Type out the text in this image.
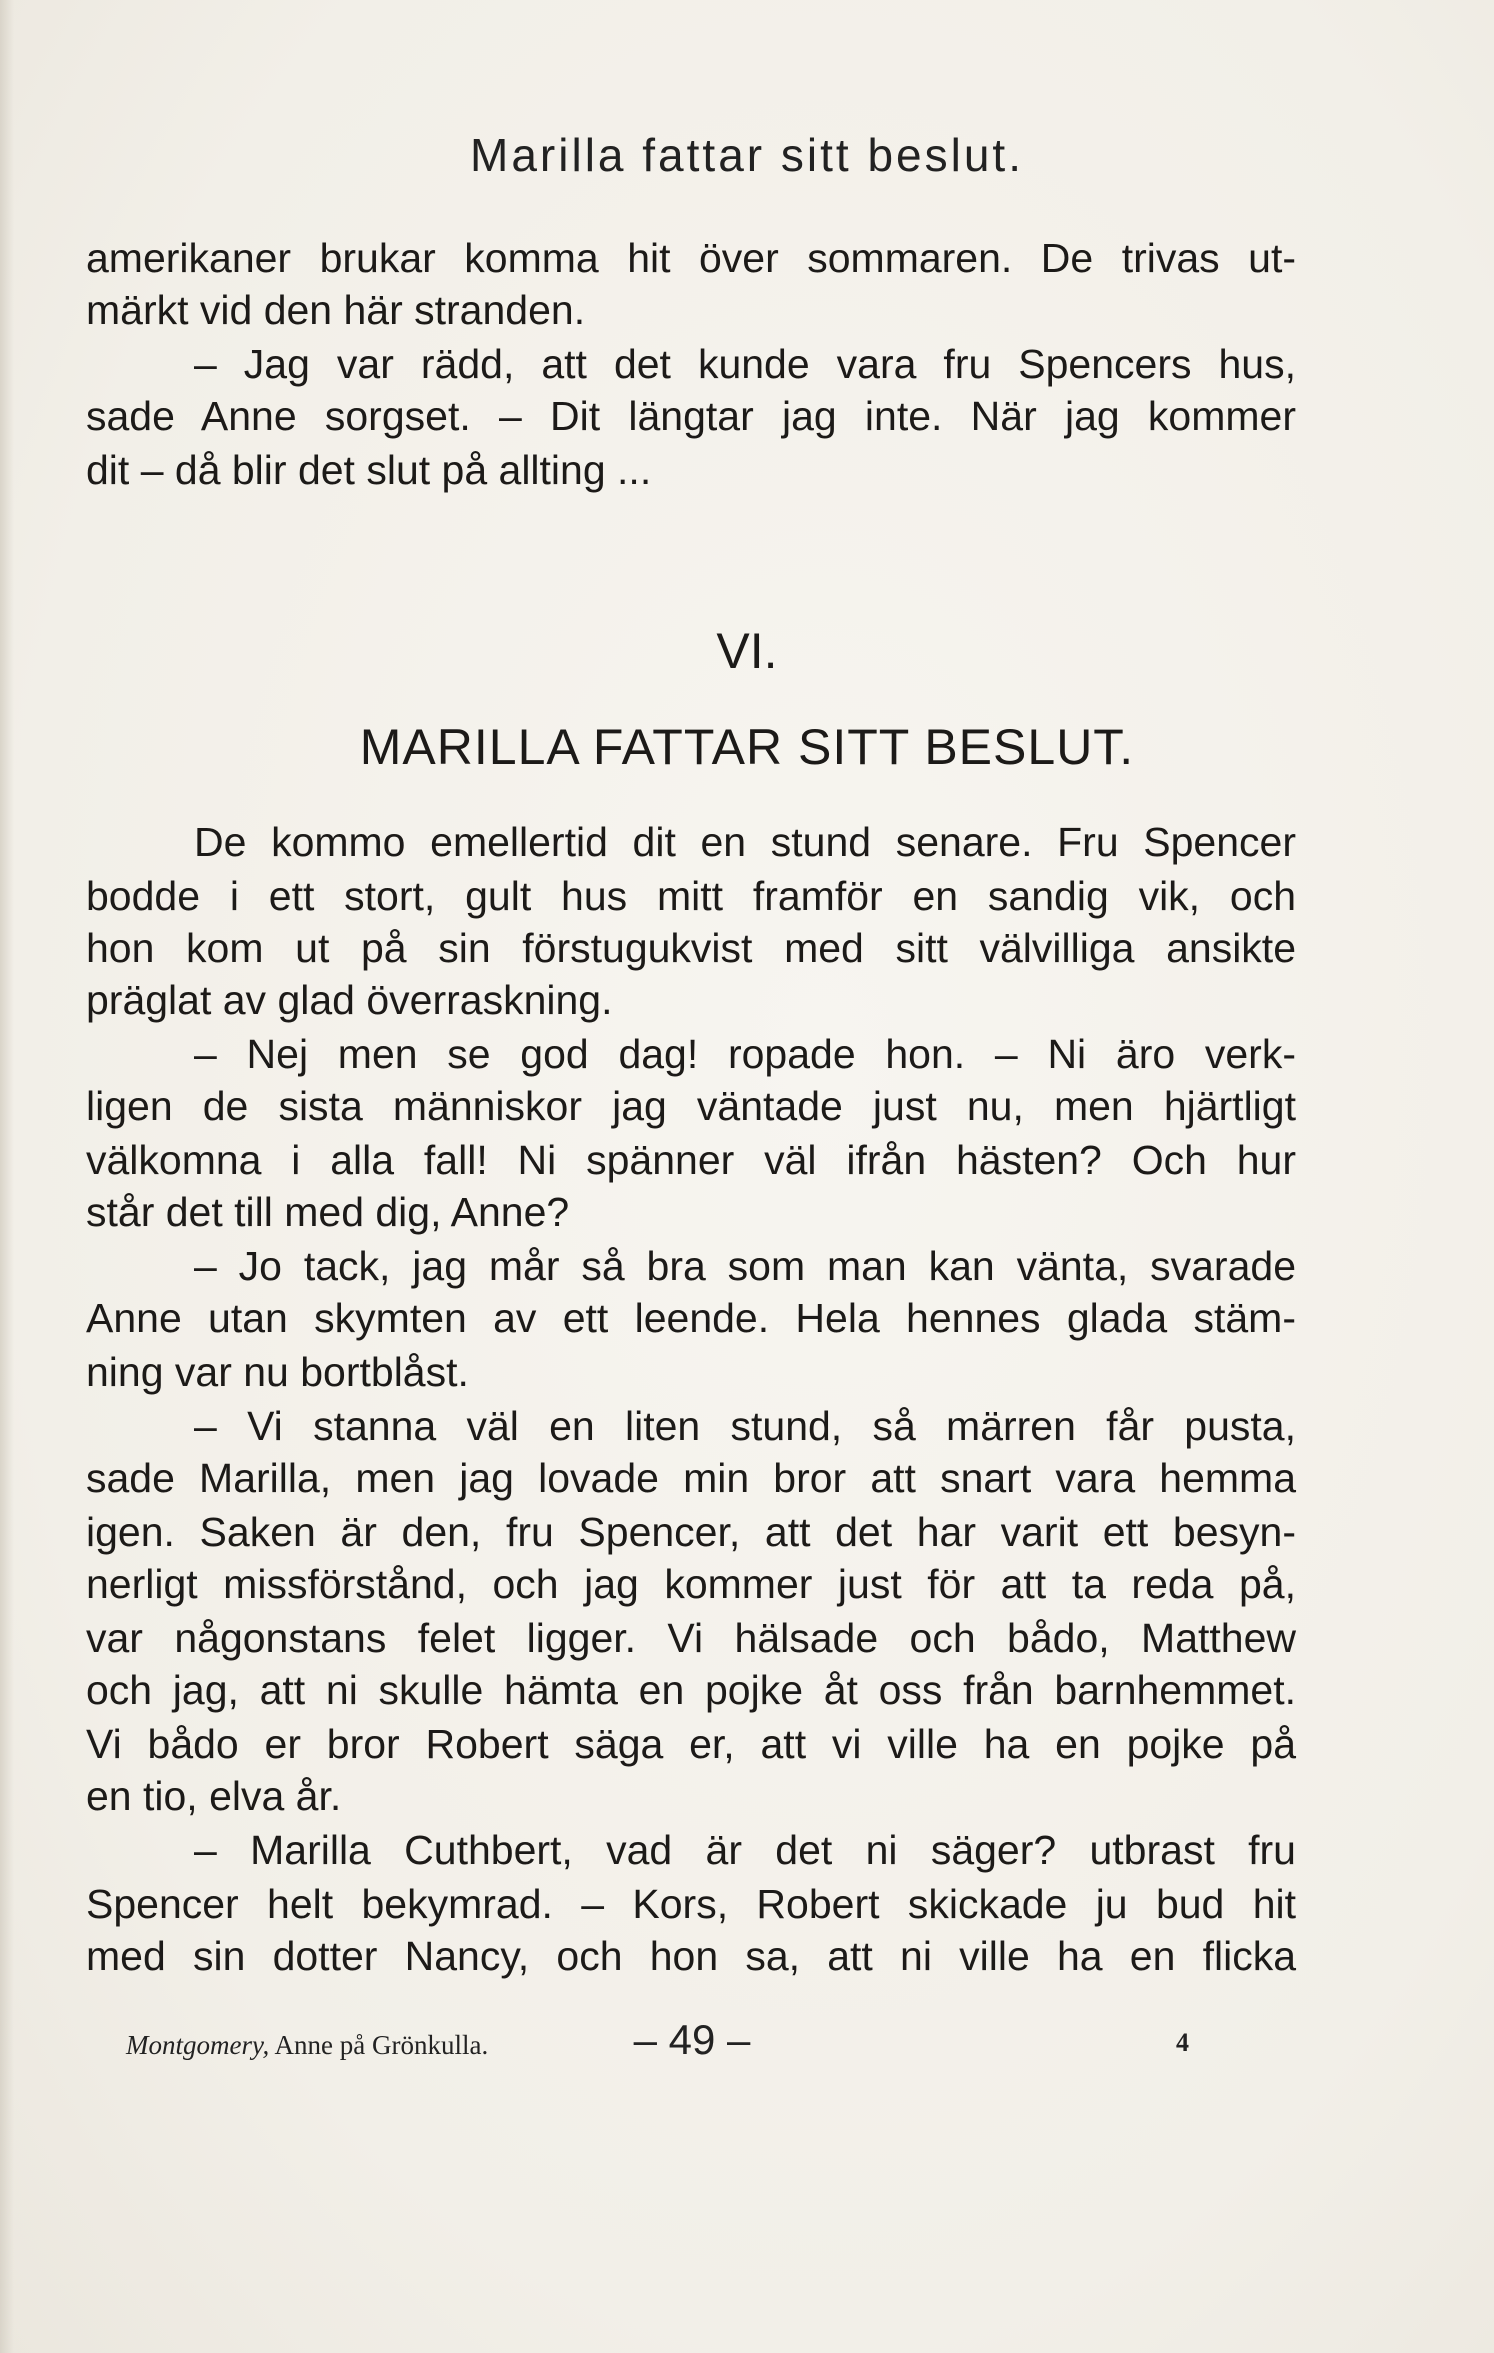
Marilla fattar sitt beslut.
amerikaner brukar komma hit över sommaren. De trivas ut-
märkt vid den här stranden.
– Jag var rädd, att det kunde vara fru Spencers hus,
sade Anne sorgset. – Dit längtar jag inte. När jag kommer
dit – då blir det slut på allting ...
VI.
MARILLA FATTAR SITT BESLUT.
De kommo emellertid dit en stund senare. Fru Spencer
bodde i ett stort, gult hus mitt framför en sandig vik, och
hon kom ut på sin förstugukvist med sitt välvilliga ansikte
präglat av glad överraskning.
– Nej men se god dag! ropade hon. – Ni äro verk-
ligen de sista människor jag väntade just nu, men hjärtligt
välkomna i alla fall! Ni spänner väl ifrån hästen? Och hur
står det till med dig, Anne?
– Jo tack, jag mår så bra som man kan vänta, svarade
Anne utan skymten av ett leende. Hela hennes glada stäm-
ning var nu bortblåst.
– Vi stanna väl en liten stund, så märren får pusta,
sade Marilla, men jag lovade min bror att snart vara hemma
igen. Saken är den, fru Spencer, att det har varit ett besyn-
nerligt missförstånd, och jag kommer just för att ta reda på,
var någonstans felet ligger. Vi hälsade och bådo, Matthew
och jag, att ni skulle hämta en pojke åt oss från barnhemmet.
Vi bådo er bror Robert säga er, att vi ville ha en pojke på
en tio, elva år.
– Marilla Cuthbert, vad är det ni säger? utbrast fru
Spencer helt bekymrad. – Kors, Robert skickade ju bud hit
med sin dotter Nancy, och hon sa, att ni ville ha en flicka
Montgomery, Anne på Grönkulla.	– 49 –	4
